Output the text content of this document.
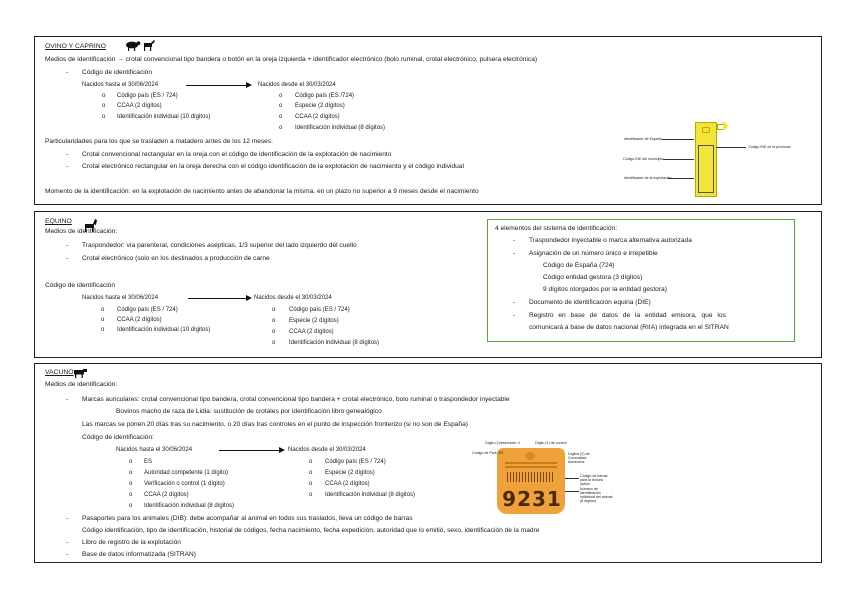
OVINO Y CAPRINO
Medios de identificación → crotal convencional tipo bandera o botón en la oreja izquierda + identificador electrónico (bolo ruminal, crotal electrónico, pulsera electrónica)
- Código de identificación
Nacidos hasta el 30/06/2024	Nacidos desde el 30/03/2024
o Código país (ES / 724)
o CCAA (2 dígitos)
o Identificación individual (10 dígitos)
o Código país (ES /724)
o Especie (2 dígitos)
o CCAA (2 dígitos)
o Identificación individual (8 dígitos)
Particularidades para los que se trasladen a matadero antes de los 12 meses:
- Crotal convencional rectangular en la oreja con el código de identificación de la explotación de nacimiento
- Crotal electrónico rectangular en la oreja derecha con el código identificación de la explotación de nacimiento y el código individual
Momento de la identificación: en la explotación de nacimiento antes de abandonar la misma, en un plazo no superior a 9 meses desde el nacimiento
Identificador de España
Código INE del municipio
Identificador de la explotación
Código INE de la provincia
EQUINO
Medios de identificación:
- Traspondedor: vía parenteral, condiciones asépticas, 1/3 superior del lado izquierdo del cuello
- Crotal electrónico (solo en los destinados a producción de carne
Código de identificación
Nacidos hasta el 30/06/2024	Nacidos desde el 30/03/2024
o Código país (ES / 724)
o CCAA (2 dígitos)
o Identificación individual (10 dígitos)
o Código país (ES / 724)
o Especie (2 dígitos)
o CCAA (2 dígitos)
o Identificación individual (8 dígitos)
4 elementos del sistema de identificación:
- Traspondedor inyectable o marca alternativa autorizada
- Asignación de un número único e irrepetible
Código de España (724)
Código entidad gestora (3 dígitos)
9 dígitos otorgados por la entidad gestora)
- Documento de identificación equina (DIE)
- Registro en base de datos de la entidad emisora, que los
comunicará a base de datos nacional (RIIA) integrada en el SITRAN
VACUNO
Medios de identificación:
- Marcas auriculares: crotal convencional tipo bandera, crotal convencional tipo bandera + crotal electrónico, bolo ruminal o traspondedor inyectable
Bovinos macho de raza de Lidia: sustitución de crotales por identificación libro genealógico
Las marcas se ponen 20 días tras su nacimiento, o 20 días tras controles en el punto de inspección fronterizo (si no son de España)
Código de identificación:
Nacidos hasta el 30/06/2024	Nacidos desde el 30/03/2024
o ES
o Autoridad competente (1 dígito)
o Verificación o control (1 dígito)
o CCAA (2 dígitos)
o Identificación individual (8 dígitos)
o Código país (ES / 724)
o Especie (2 dígitos)
o CCAA (2 dígitos)
o Identificación individual (8 dígitos)
- Pasaportes para los animales (DIB): debe acompañar al animal en todos sus traslados, lleva un código de barras
Código identificación, tipo de identificación, historial de códigos, fecha nacimiento, fecha expedición, autoridad que lo emitió, sexo, identificación de la madre
- Libro de registro de la explotación
- Base de datos informatizada (SITRAN)
9231
Dígito (1)reservado: 0
Código de País: ES
Dígito (1) de control
Dígitos (2) de Comunidad Autónoma
Código de barras para la lectura óptica
Número de identificación individual del animal (8 dígitos)
